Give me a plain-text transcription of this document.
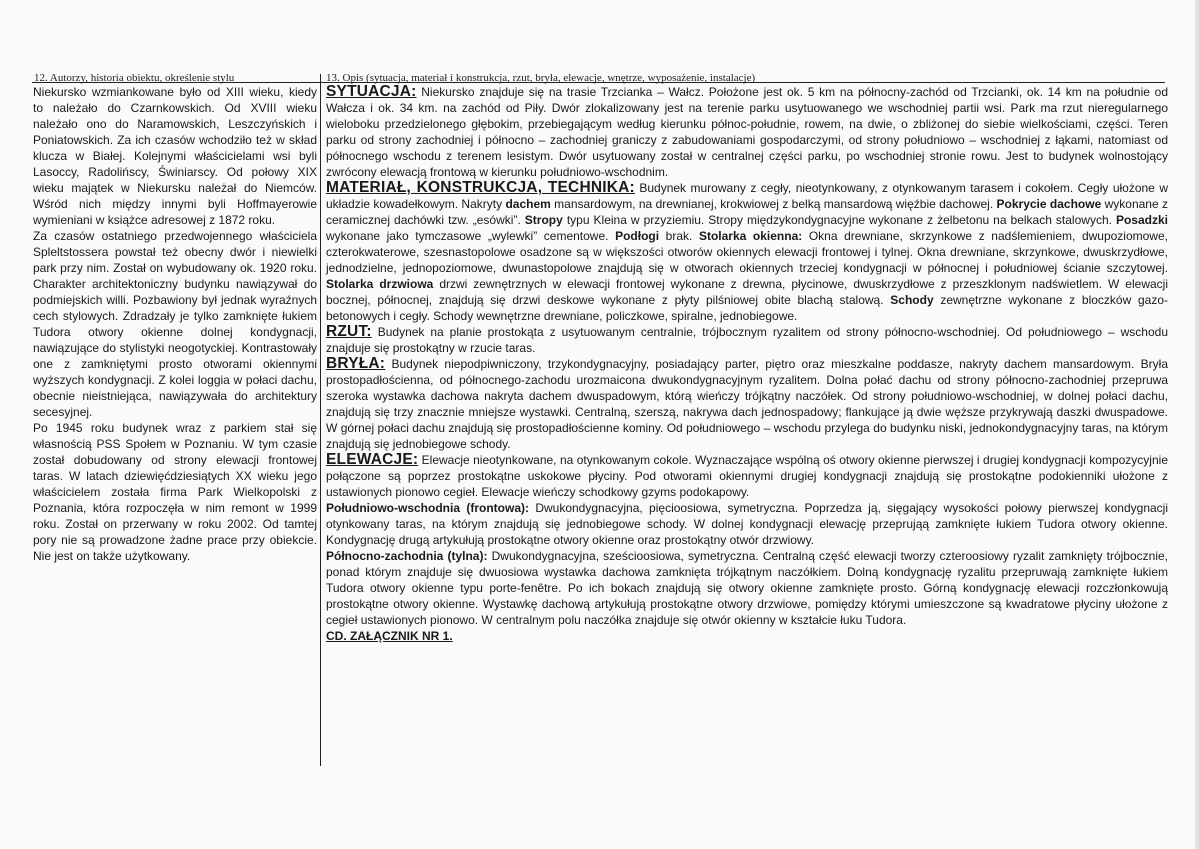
12. Autorzy, historia obiektu, określenie stylu	13. Opis (sytuacja, materiał i konstrukcja, rzut, bryła, elewacje, wnętrze, wyposażenie, instalacje)

Niekursko wzmiankowane było od XIII wieku, kiedy to należało do Czarnkowskich. Od XVIII wieku należało ono do Naramowskich, Leszczyńskich i Poniatowskich. Za ich czasów wchodziło też w skład klucza w Białej. Kolejnymi właścicielami wsi byli Lasoccy, Radolińscy, Świniarscy. Od połowy XIX wieku majątek w Niekursku należał do Niemców. Wśród nich między innymi byli Hoffmayerowie wymieniani w książce adresowej z 1872 roku.

Za czasów ostatniego przedwojennego właściciela Spleltstossera powstał też obecny dwór i niewielki park przy nim. Został on wybudowany ok. 1920 roku. Charakter architektoniczny budynku nawiązywał do podmiejskich willi. Pozbawiony był jednak wyraźnych cech stylowych. Zdradzały je tylko zamknięte łukiem Tudora otwory okienne dolnej kondygnacji, nawiązujące do stylistyki neogotyckiej. Kontrastowały one z zamkniętymi prosto otworami okiennymi wyższych kondygnacji. Z kolei loggia w połaci dachu, obecnie nieistniejąca, nawiązywała do architektury secesyjnej.

Po 1945 roku budynek wraz z parkiem stał się własnością PSS Społem w Poznaniu. W tym czasie został dobudowany od strony elewacji frontowej taras. W latach dziewięćdziesiątych XX wieku jego właścicielem została firma Park Wielkopolski z Poznania, która rozpoczęła w nim remont w 1999 roku. Został on przerwany w roku 2002. Od tamtej pory nie są prowadzone żadne prace przy obiekcie. Nie jest on także użytkowany.

SYTUACJA: Niekursko znajduje się na trasie Trzcianka – Wałcz. Położone jest ok. 5 km na północny-zachód od Trzcianki, ok. 14 km na południe od Wałcza i ok. 34 km. na zachód od Piły. Dwór zlokalizowany jest na terenie parku usytuowanego we wschodniej partii wsi. Park ma rzut nieregularnego wieloboku przedzielonego głębokim, przebiegającym według kierunku północ-południe, rowem, na dwie, o zbliżonej do siebie wielkościami, części. Teren parku od strony zachodniej i północno – zachodniej graniczy z zabudowaniami gospodarczymi, od strony południowo – wschodniej z łąkami, natomiast od północnego wschodu z terenem lesistym. Dwór usytuowany został w centralnej części parku, po wschodniej stronie rowu. Jest to budynek wolnostojący zwrócony elewacją frontową w kierunku południowo-wschodnim.

MATERIAŁ, KONSTRUKCJA, TECHNIKA: Budynek murowany z cegły, nieotynkowany, z otynkowanym tarasem i cokołem. Cegły ułożone w układzie kowadełkowym. Nakryty dachem mansardowym, na drewnianej, krokwiowej z belką mansardową więźbie dachowej. Pokrycie dachowe wykonane z ceramicznej dachówki tzw. „esówki”. Stropy typu Kleina w przyziemiu. Stropy międzykondygnacyjne wykonane z żelbetonu na belkach stalowych. Posadzki wykonane jako tymczasowe „wylewki” cementowe. Podłogi brak. Stolarka okienna: Okna drewniane, skrzynkowe z nadślemieniem, dwupoziomowe, czterokwaterowe, szesnastopolowe osadzone są w większości otworów okiennych elewacji frontowej i tylnej. Okna drewniane, skrzynkowe, dwuskrzydłowe, jednodzielne, jednopoziomowe, dwunastopolowe znajdują się w otworach okiennych trzeciej kondygnacji w północnej i południowej ścianie szczytowej. Stolarka drzwiowa drzwi zewnętrznych w elewacji frontowej wykonane z drewna, płycinowe, dwuskrzydłowe z przeszklonym nadświetlem. W elewacji bocznej, północnej, znajdują się drzwi deskowe wykonane z płyty pilśniowej obite blachą stalową. Schody zewnętrzne wykonane z bloczków gazo-betonowych i cegły. Schody wewnętrzne drewniane, policzkowe, spiralne, jednobiegowe.

RZUT: Budynek na planie prostokąta z usytuowanym centralnie, trójbocznym ryzalitem od strony północno-wschodniej. Od południowego – wschodu znajduje się prostokątny w rzucie taras.

BRYŁA: Budynek niepodpiwniczony, trzykondygnacyjny, posiadający parter, piętro oraz mieszkalne poddasze, nakryty dachem mansardowym. Bryła prostopadłościenna, od północnego-zachodu urozmaicona dwukondygnacyjnym ryzalitem. Dolna połać dachu od strony północno-zachodniej przepruwa szeroka wystawka dachowa nakryta dachem dwuspadowym, którą wieńczy trójkątny naczółek. Od strony południowo-wschodniej, w dolnej połaci dachu, znajdują się trzy znacznie mniejsze wystawki. Centralną, szerszą, nakrywa dach jednospadowy; flankujące ją dwie węższe przykrywają daszki dwuspadowe. W górnej połaci dachu znajdują się prostopadłościenne kominy. Od południowego – wschodu przylega do budynku niski, jednokondygnacyjny taras, na którym znajdują się jednobiegowe schody.

ELEWACJE: Elewacje nieotynkowane, na otynkowanym cokole. Wyznaczające wspólną oś otwory okienne pierwszej i drugiej kondygnacji kompozycyjnie połączone są poprzez prostokątne uskokowe płyciny. Pod otworami okiennymi drugiej kondygnacji znajdują się prostokątne podokienniki ułożone z ustawionych pionowo cegieł. Elewacje wieńczy schodkowy gzyms podokapowy.

Południowo-wschodnia (frontowa): Dwukondygnacyjna, pięcioosiowa, symetryczna. Poprzedza ją, sięgający wysokości połowy pierwszej kondygnacji otynkowany taras, na którym znajdują się jednobiegowe schody. W dolnej kondygnacji elewację przeprująą zamknięte łukiem Tudora otwory okienne. Kondygnację drugą artykułują prostokątne otwory okienne oraz prostokątny otwór drzwiowy.

Północno-zachodnia (tylna): Dwukondygnacyjna, sześcioosiowa, symetryczna. Centralną część elewacji tworzy czteroosiowy ryzalit zamknięty trójbocznie, ponad którym znajduje się dwuosiowa wystawka dachowa zamknięta trójkątnym naczółkiem. Dolną kondygnację ryzalitu przepruwają zamknięte łukiem Tudora otwory okienne typu porte-fenêtre. Po ich bokach znajdują się otwory okienne zamknięte prosto. Górną kondygnację elewacji rozczłonkowują prostokątne otwory okienne. Wystawkę dachową artykułują prostokątne otwory drzwiowe, pomiędzy którymi umieszczone są kwadratowe płyciny ułożone z cegieł ustawionych pionowo. W centralnym polu naczółka znajduje się otwór okienny w kształcie łuku Tudora.

CD. ZAŁĄCZNIK NR 1.
